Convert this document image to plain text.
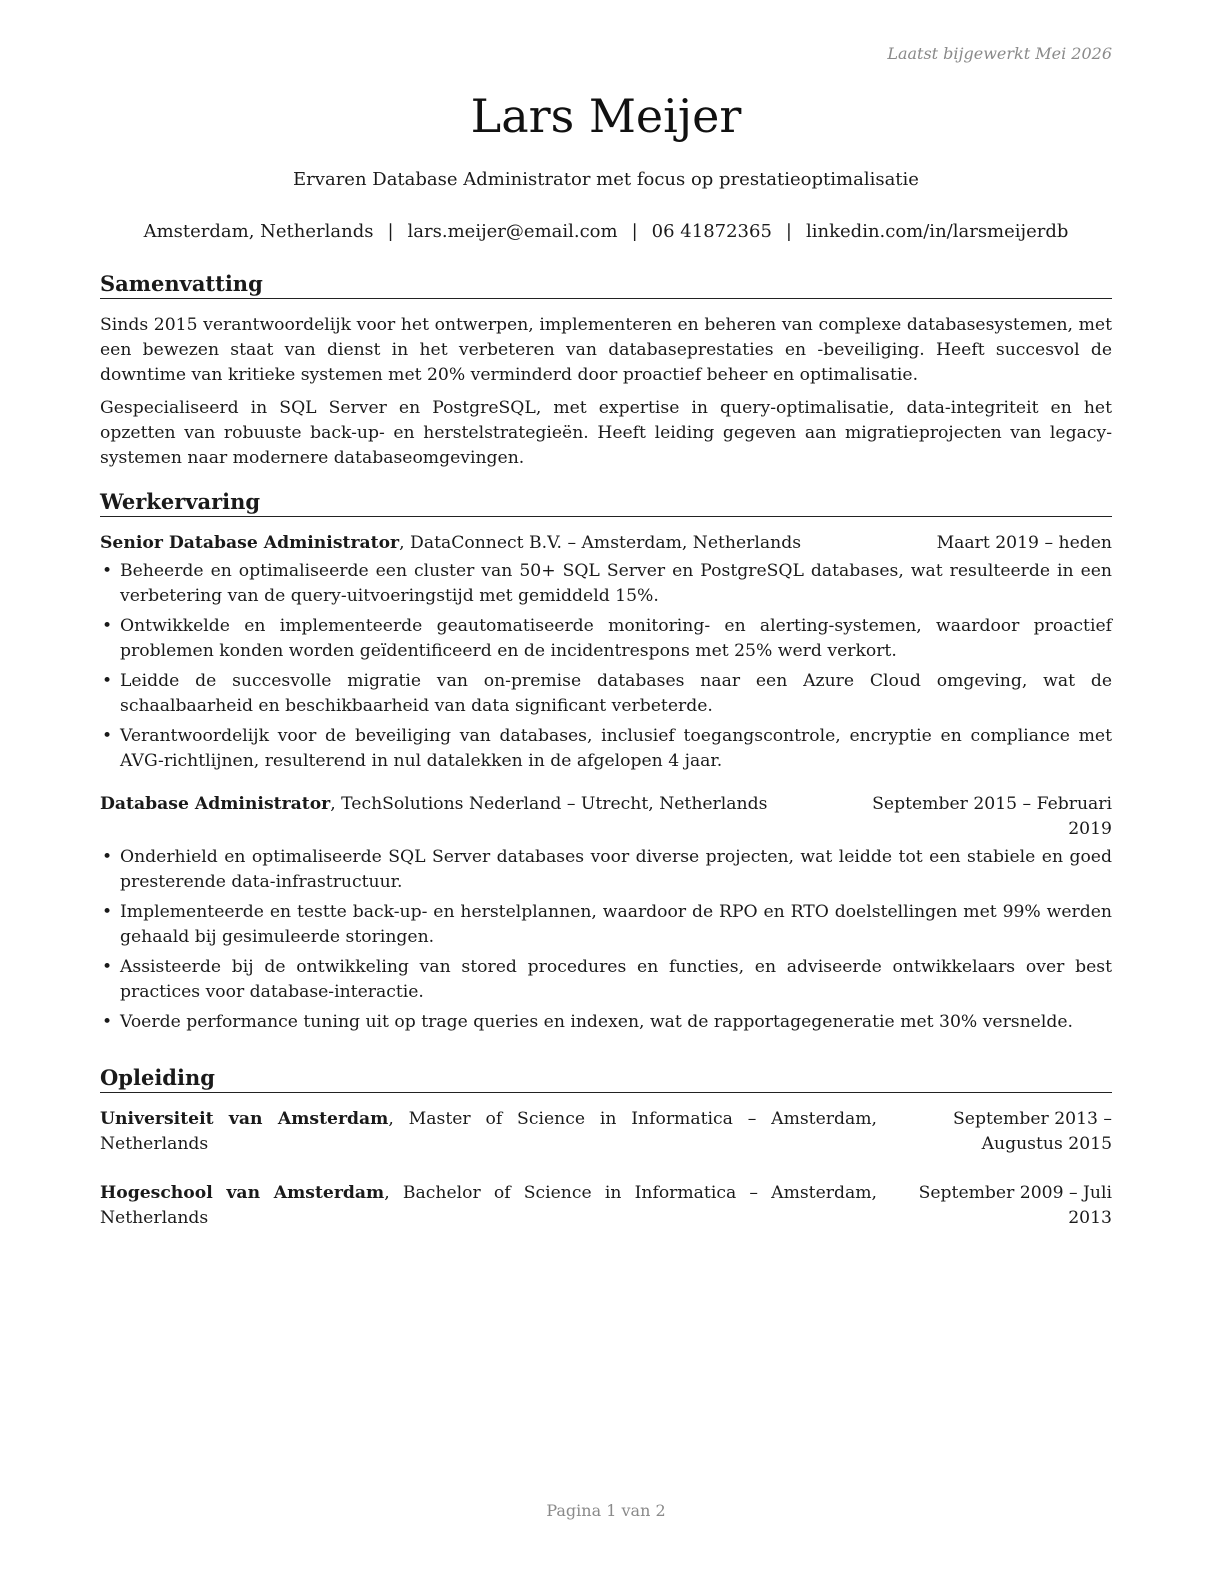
Laatst bijgewerkt Mei 2026
Lars Meijer
Ervaren Database Administrator met focus op prestatieoptimalisatie
Amsterdam, Netherlands | lars.meijer@email.com | 06 41872365 | linkedin.com/in/larsmeijerdb
Samenvatting

Sinds 2015 verantwoordelijk voor het ontwerpen, implementeren en beheren van complexe databasesystemen, met een bewezen staat van dienst in het verbeteren van databaseprestaties en -beveiliging. Heeft succesvol de downtime van kritieke systemen met 20% verminderd door proactief beheer en optimalisatie.

Gespecialiseerd in SQL Server en PostgreSQL, met expertise in query-optimalisatie, data-integriteit en het opzetten van robuuste back-up- en herstelstrategieën. Heeft leiding gegeven aan migratieprojecten van legacy-systemen naar modernere databaseomgevingen.

Werkervaring
Senior Database Administrator, DataConnect B.V. – Amsterdam, Netherlands	Maart 2019 – heden
• Beheerde en optimaliseerde een cluster van 50+ SQL Server en PostgreSQL databases, wat resulteerde in een verbetering van de query-uitvoeringstijd met gemiddeld 15%.
• Ontwikkelde en implementeerde geautomatiseerde monitoring- en alerting-systemen, waardoor proactief problemen konden worden geïdentificeerd en de incidentrespons met 25% werd verkort.
• Leidde de succesvolle migratie van on-premise databases naar een Azure Cloud omgeving, wat de schaalbaarheid en beschikbaarheid van data significant verbeterde.
• Verantwoordelijk voor de beveiliging van databases, inclusief toegangscontrole, encryptie en compliance met AVG-richtlijnen, resulterend in nul datalekken in de afgelopen 4 jaar.
Database Administrator, TechSolutions Nederland – Utrecht, Netherlands	September 2015 – Februari 2019
• Onderhield en optimaliseerde SQL Server databases voor diverse projecten, wat leidde tot een stabiele en goed presterende data-infrastructuur.
• Implementeerde en testte back-up- en herstelplannen, waardoor de RPO en RTO doelstellingen met 99% werden gehaald bij gesimuleerde storingen.
• Assisteerde bij de ontwikkeling van stored procedures en functies, en adviseerde ontwikkelaars over best practices voor database-interactie.
• Voerde performance tuning uit op trage queries en indexen, wat de rapportagegeneratie met 30% versnelde.
Opleiding
Universiteit van Amsterdam, Master of Science in Informatica – Amsterdam, Netherlands
September 2013 – Augustus 2015
Hogeschool van Amsterdam, Bachelor of Science in Informatica – Amsterdam, Netherlands
September 2009 – Juli 2013
Pagina 1 van 2
